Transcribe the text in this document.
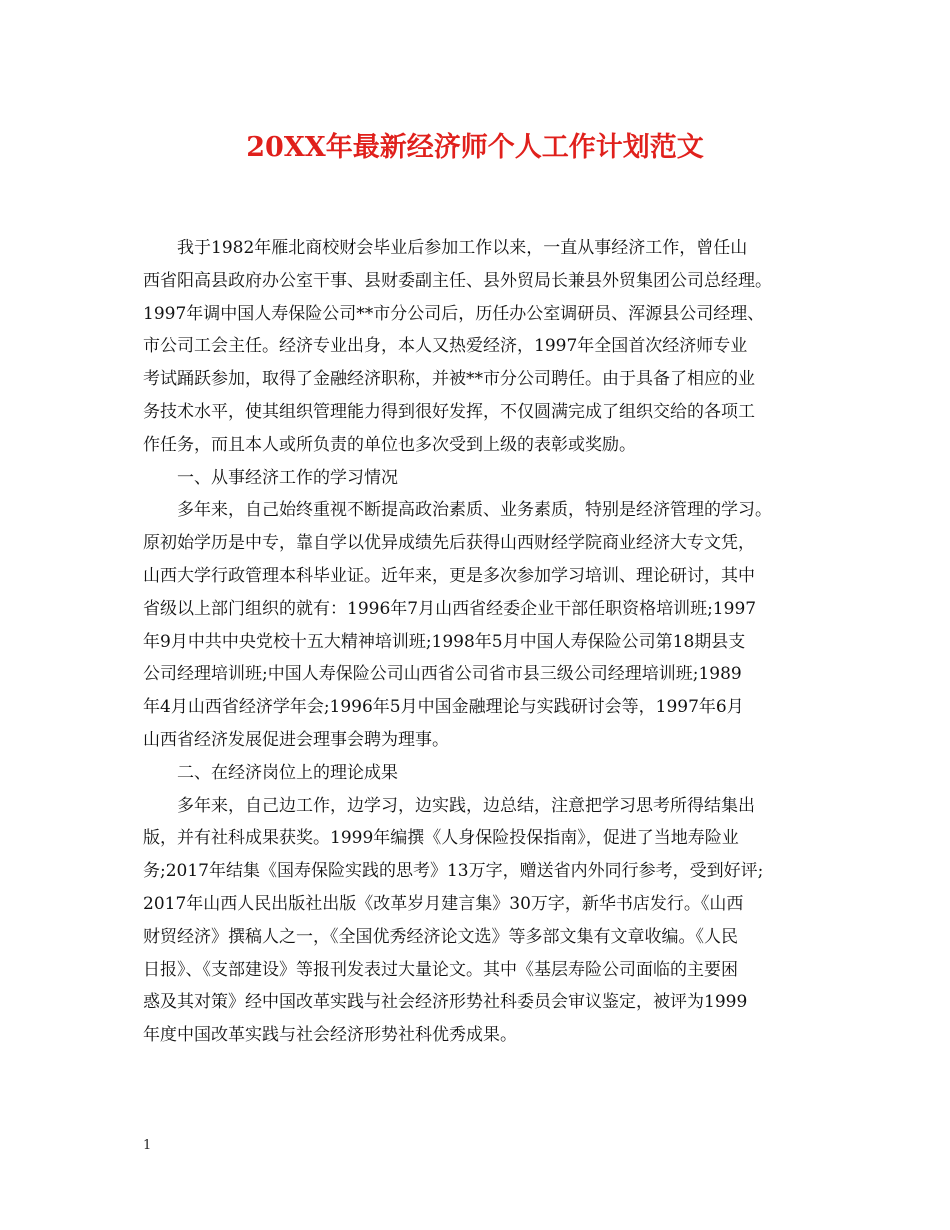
20XX年最新经济师个人工作计划范文
我于1982年雁北商校财会毕业后参加工作以来，一直从事经济工作，曾任山
西省阳高县政府办公室干事、县财委副主任、县外贸局长兼县外贸集团公司总经理。
1997年调中国人寿保险公司**市分公司后，历任办公室调研员、浑源县公司经理、
市公司工会主任。经济专业出身，本人又热爱经济，1997年全国首次经济师专业
考试踊跃参加，取得了金融经济职称，并被**市分公司聘任。由于具备了相应的业
务技术水平，使其组织管理能力得到很好发挥，不仅圆满完成了组织交给的各项工
作任务，而且本人或所负责的单位也多次受到上级的表彰或奖励。
一、从事经济工作的学习情况
多年来，自己始终重视不断提高政治素质、业务素质，特别是经济管理的学习。
原初始学历是中专，靠自学以优异成绩先后获得山西财经学院商业经济大专文凭，
山西大学行政管理本科毕业证。近年来，更是多次参加学习培训、理论研讨，其中
省级以上部门组织的就有：1996年7月山西省经委企业干部任职资格培训班;1997
年9月中共中央党校十五大精神培训班;1998年5月中国人寿保险公司第18期县支
公司经理培训班;中国人寿保险公司山西省公司省市县三级公司经理培训班;1989
年4月山西省经济学年会;1996年5月中国金融理论与实践研讨会等，1997年6月
山西省经济发展促进会理事会聘为理事。
二、在经济岗位上的理论成果
多年来，自己边工作，边学习，边实践，边总结，注意把学习思考所得结集出
版，并有社科成果获奖。1999年编撰《人身保险投保指南》，促进了当地寿险业
务;2017年结集《国寿保险实践的思考》13万字，赠送省内外同行参考，受到好评;
2017年山西人民出版社出版《改革岁月建言集》30万字，新华书店发行。《山西
财贸经济》撰稿人之一，《全国优秀经济论文选》等多部文集有文章收编。《人民
日报》、《支部建设》等报刊发表过大量论文。其中《基层寿险公司面临的主要困
惑及其对策》经中国改革实践与社会经济形势社科委员会审议鉴定，被评为1999
年度中国改革实践与社会经济形势社科优秀成果。
1
